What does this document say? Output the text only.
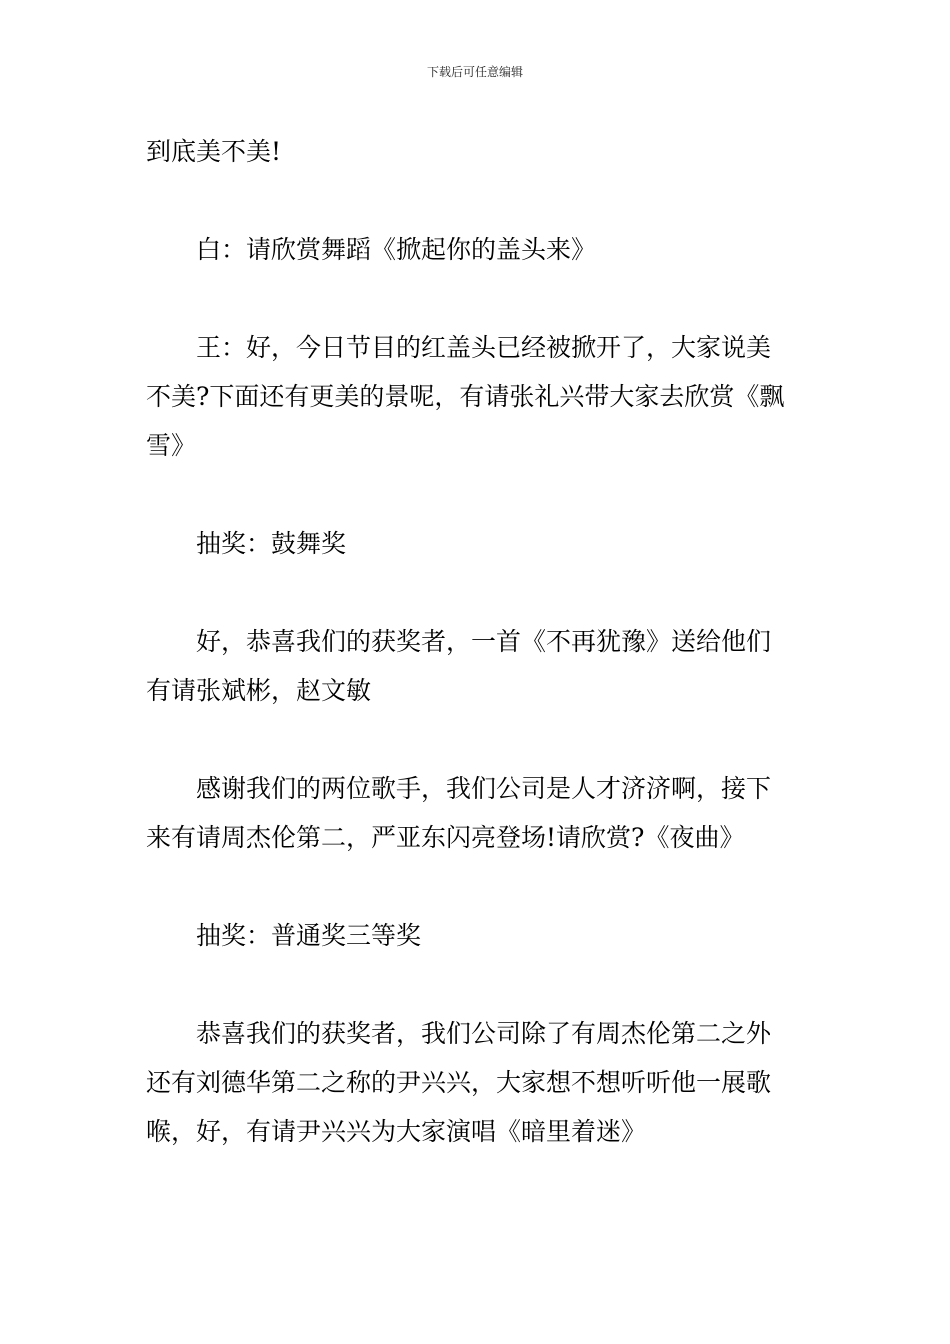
下载后可任意编辑
到底美不美!
白：请欣赏舞蹈《掀起你的盖头来》
王：好，今日节目的红盖头已经被掀开了，大家说美
不美?下面还有更美的景呢，有请张礼兴带大家去欣赏《飘
雪》
抽奖：鼓舞奖
好，恭喜我们的获奖者，一首《不再犹豫》送给他们
有请张斌彬，赵文敏
感谢我们的两位歌手，我们公司是人才济济啊，接下
来有请周杰伦第二，严亚东闪亮登场!请欣赏?《夜曲》
抽奖：普通奖三等奖
恭喜我们的获奖者，我们公司除了有周杰伦第二之外
还有刘德华第二之称的尹兴兴，大家想不想听听他一展歌
喉，好，有请尹兴兴为大家演唱《暗里着迷》
